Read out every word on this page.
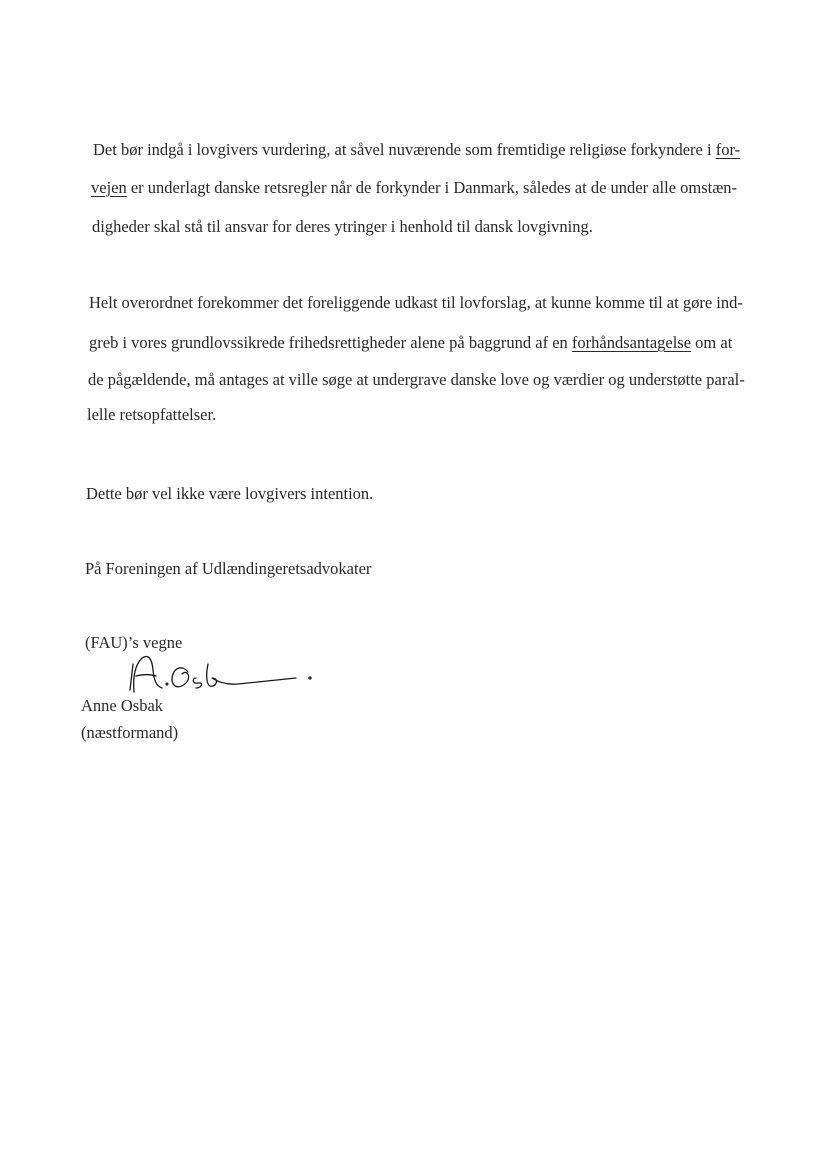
Det bør indgå i lovgivers vurdering, at såvel nuværende som fremtidige religiøse forkyndere i for-
vejen er underlagt danske retsregler når de forkynder i Danmark, således at de under alle omstæn-
digheder skal stå til ansvar for deres ytringer i henhold til dansk lovgivning.
Helt overordnet forekommer det foreliggende udkast til lovforslag, at kunne komme til at gøre ind-
greb i vores grundlovssikrede frihedsrettigheder alene på baggrund af en forhåndsantagelse om at
de pågældende, må antages at ville søge at undergrave danske love og værdier og understøtte paral-
lelle retsopfattelser.
Dette bør vel ikke være lovgivers intention.
På Foreningen af Udlændingeretsadvokater
(FAU)’s vegne
Anne Osbak
(næstformand)
